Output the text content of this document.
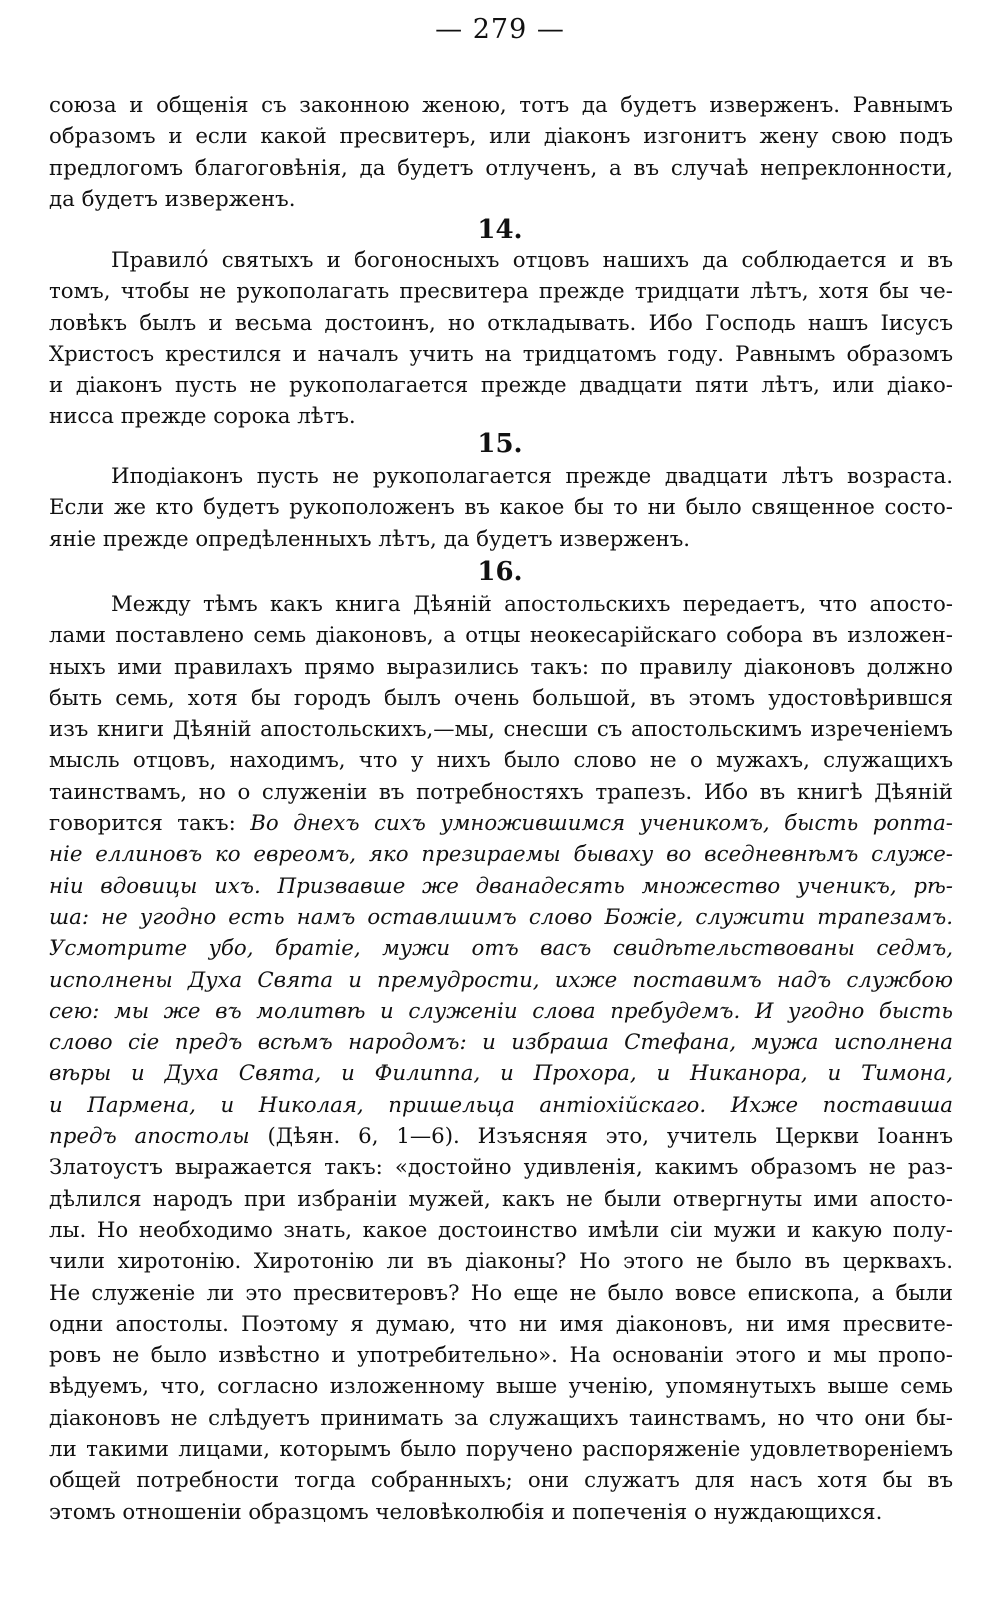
— 279 —

союза и общенія съ законною женою, тотъ да будетъ изверженъ. Равнымъ

образомъ и если какой пресвитеръ, или діаконъ изгонитъ жену свою подъ

предлогомъ благоговѣнія, да будетъ отлученъ, а въ случаѣ непреклонности,

да будетъ изверженъ.

14.

Правило́ святыхъ и богоносныхъ отцовъ нашихъ да соблюдается и въ

томъ, чтобы не рукополагать пресвитера прежде тридцати лѣтъ, хотя бы че-

ловѣкъ былъ и весьма достоинъ, но откладывать. Ибо Господь нашъ Іисусъ

Христосъ крестился и началъ учить на тридцатомъ году. Равнымъ образомъ

и діаконъ пусть не рукополагается прежде двадцати пяти лѣтъ, или діако-

нисса прежде сорока лѣтъ.

15.

Иподіаконъ пусть не рукополагается прежде двадцати лѣтъ возраста.

Если же кто будетъ рукоположенъ въ какое бы то ни было священное состо-

яніе прежде опредѣленныхъ лѣтъ, да будетъ изверженъ.

16.

Между тѣмъ какъ книга Дѣяній апостольскихъ передаетъ, что апосто-

лами поставлено семь діаконовъ, а отцы неокесарійскаго собора въ изложен-

ныхъ ими правилахъ прямо выразились такъ: по правилу діаконовъ должно

быть семь, хотя бы городъ былъ очень большой, въ этомъ удостовѣрившся

изъ книги Дѣяній апостольскихъ,—мы, снесши съ апостольскимъ изреченіемъ

мысль отцовъ, находимъ, что у нихъ было слово не о мужахъ, служащихъ

таинствамъ, но о служеніи въ потребностяхъ трапезъ. Ибо въ книгѣ Дѣяній

говорится такъ: Во днехъ сихъ умножившимся ученикомъ, бысть ропта-

ніе еллиновъ ко евреомъ, яко презираемы бываху во вседневнѣмъ служе-

ніи вдовицы ихъ. Призвавше же дванадесять множество ученикъ, рѣ-

ша: не угодно есть намъ оставлшимъ слово Божіе, служити трапезамъ.

Усмотрите убо, братіе, мужи отъ васъ свидѣтельствованы седмъ,

исполнены Духа Свята и премудрости, ихже поставимъ надъ службою

сею: мы же въ молитвѣ и служеніи слова пребудемъ. И угодно бысть

слово сіе предъ всѣмъ народомъ: и избраша Стефана, мужа исполнена

вѣры и Духа Свята, и Филиппа, и Прохора, и Никанора, и Тимона,

и Пармена, и Николая, пришельца антіохійскаго. Ихже поставиша

предъ апостолы (Дѣян. 6, 1—6). Изъясняя это, учитель Церкви Іоаннъ

Златоустъ выражается такъ: «достойно удивленія, какимъ образомъ не раз-

дѣлился народъ при избраніи мужей, какъ не были отвергнуты ими апосто-

лы. Но необходимо знать, какое достоинство имѣли сіи мужи и какую полу-

чили хиротонію. Хиротонію ли въ діаконы? Но этого не было въ церквахъ.

Не служеніе ли это пресвитеровъ? Но еще не было вовсе епископа, а были

одни апостолы. Поэтому я думаю, что ни имя діаконовъ, ни имя пресвите-

ровъ не было извѣстно и употребительно». На основаніи этого и мы пропо-

вѣдуемъ, что, согласно изложенному выше ученію, упомянутыхъ выше семь

діаконовъ не слѣдуетъ принимать за служащихъ таинствамъ, но что они бы-

ли такими лицами, которымъ было поручено распоряженіе удовлетвореніемъ

общей потребности тогда собранныхъ; они служатъ для насъ хотя бы въ

этомъ отношеніи образцомъ человѣколюбія и попеченія о нуждающихся.
